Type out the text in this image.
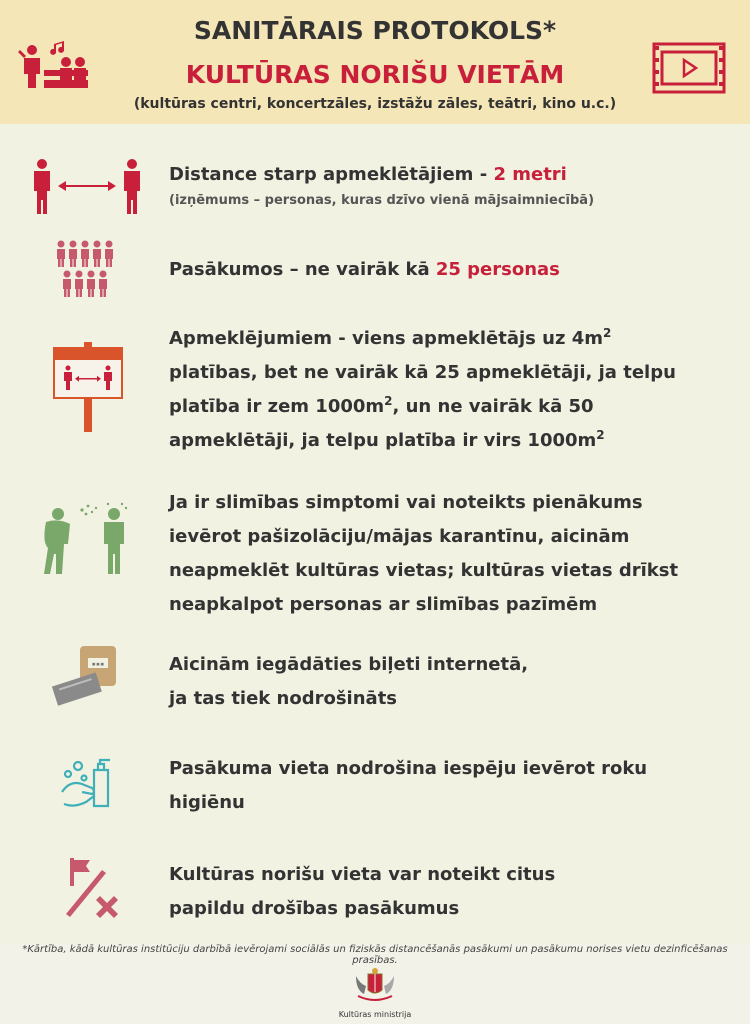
SANITĀRAIS PROTOKOLS*
KULTŪRAS NORIŠU VIETĀM
(kultūras centri, koncertzāles, izstāžu zāles, teātri, kino u.c.)
Distance starp apmeklētājiem - 2 metri
(izņēmums – personas, kuras dzīvo vienā mājsaimniecībā)
Pasākumos – ne vairāk kā 25 personas
Apmeklējumiem - viens apmeklētājs uz $4m^2$
platības, bet ne vairāk kā 25 apmeklētāji, ja telpu
platība ir zem $1000m^2$, un ne vairāk kā 50
apmeklētāji, ja telpu platība ir virs $1000m^2$
Ja ir slimības simptomi vai noteikts pienākums
ievērot pašizolāciju/mājas karantīnu, aicinām
neapmeklēt kultūras vietas; kultūras vietas drīkst
neapkalpot personas ar slimības pazīmēm
▪▪▪	Aicinām iegādāties biļeti internetā,
ja tas tiek nodrošināts
Pasākuma vieta nodrošina iespēju ievērot roku
higiēnu
Kultūras norišu vieta var noteikt citus
papildu drošības pasākumus
*Kārtība, kādā kultūras institūciju darbībā ievērojami sociālās un fiziskās distancēšanās pasākumi un pasākumu norises vietu dezinficēšanas prasības.
Kultūras ministrija
